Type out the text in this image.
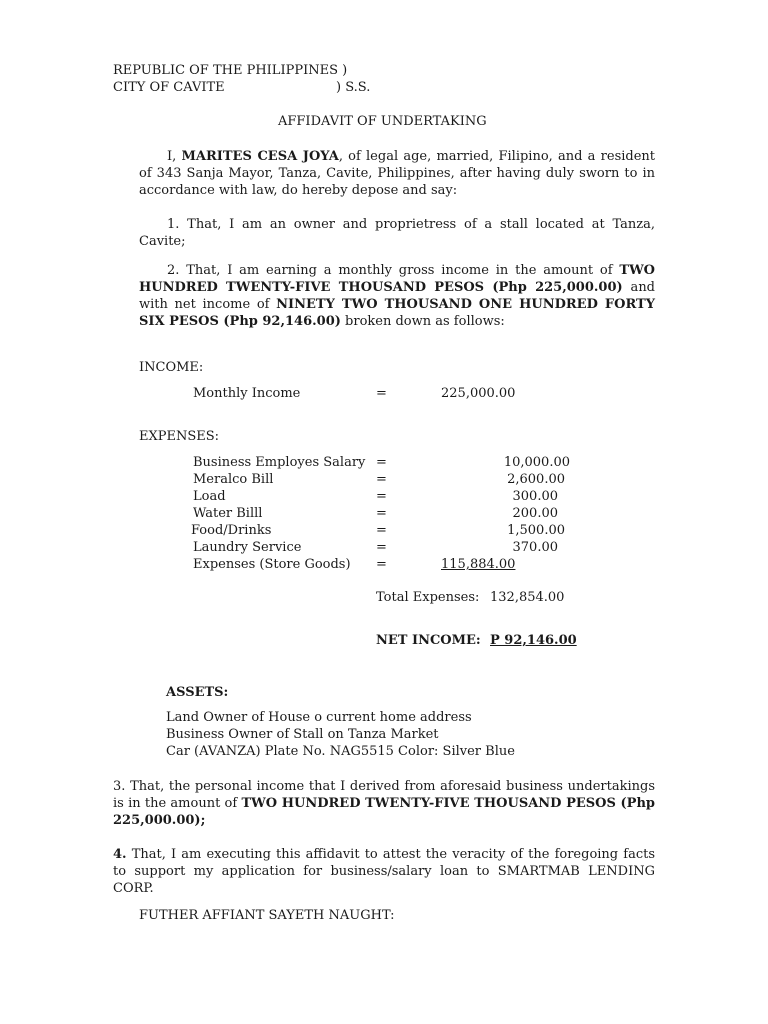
REPUBLIC OF THE PHILIPPINES )
CITY OF CAVITE	) S.S.
AFFIDAVIT OF UNDERTAKING

I, MARITES CESA JOYA, of legal age, married, Filipino, and a resident of 343 Sanja Mayor, Tanza, Cavite, Philippines, after having duly sworn to in accordance with law, do hereby depose and say:

1. That, I am an owner and proprietress of a stall located at Tanza, Cavite;

2. That, I am earning a monthly gross income in the amount of TWO HUNDRED TWENTY-FIVE THOUSAND PESOS (Php 225,000.00) and with net income of NINETY TWO THOUSAND ONE HUNDRED FORTY SIX PESOS (Php 92,146.00) broken down as follows:

INCOME:
Monthly Income	=	225,000.00
EXPENSES:
Business Employes Salary =	10,000.00
Meralco Bill	=	2,600.00
Load	=	300.00
Water Billl	=	200.00
Food/Drinks	=	1,500.00
Laundry Service	=	370.00
Expenses (Store Goods) =	115,884.00
Total Expenses: 132,854.00
NET INCOME: P 92,146.00
ASSETS:
Land Owner of House o current home address
Business Owner of Stall on Tanza Market
Car (AVANZA) Plate No. NAG5515 Color: Silver Blue

3. That, the personal income that I derived from aforesaid business undertakings is in the amount of TWO HUNDRED TWENTY-FIVE THOUSAND PESOS (Php 225,000.00);

4. That, I am executing this affidavit to attest the veracity of the foregoing facts to support my application for business/salary loan to SMARTMAB LENDING CORP.

FUTHER AFFIANT SAYETH NAUGHT:
